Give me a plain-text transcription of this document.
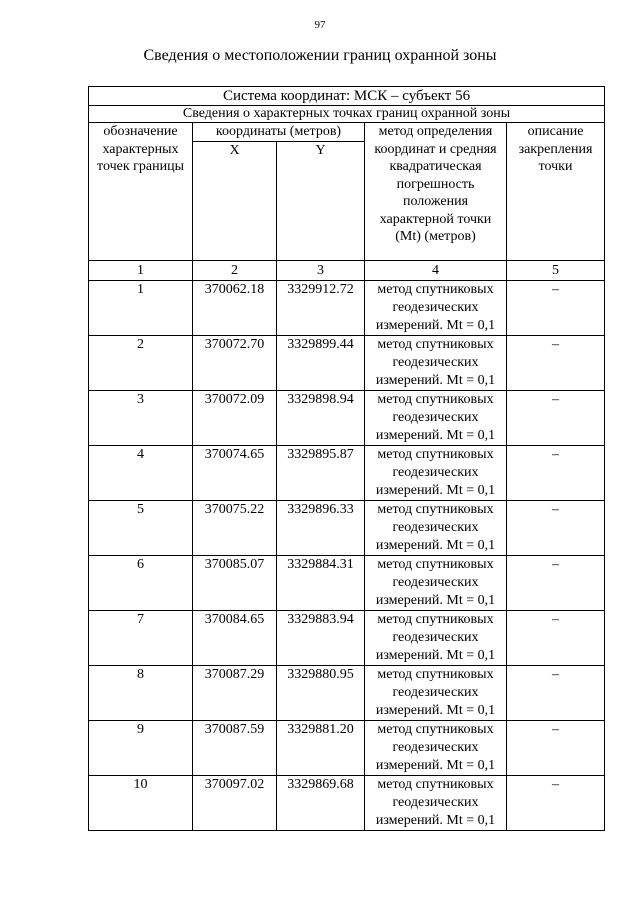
97
Сведения о местоположении границ охранной зоны
Система координат: МСК – субъект 56				
Сведения о характерных точках границ охранной зоны				
обозначение характерных точек границы	координаты (метров)		метод определения координат и средняя квадратическая погрешность положения характерной точки (Mt) (метров)	описание закрепления точки
	X	Y		
1	2	3	4	5
1	370062.18	3329912.72	метод спутниковых геодезических измерений. Mt = 0,1	–
2	370072.70	3329899.44	метод спутниковых геодезических измерений. Mt = 0,1	–
3	370072.09	3329898.94	метод спутниковых геодезических измерений. Mt = 0,1	–
4	370074.65	3329895.87	метод спутниковых геодезических измерений. Mt = 0,1	–
5	370075.22	3329896.33	метод спутниковых геодезических измерений. Mt = 0,1	–
6	370085.07	3329884.31	метод спутниковых геодезических измерений. Mt = 0,1	–
7	370084.65	3329883.94	метод спутниковых геодезических измерений. Mt = 0,1	–
8	370087.29	3329880.95	метод спутниковых геодезических измерений. Mt = 0,1	–
9	370087.59	3329881.20	метод спутниковых геодезических измерений. Mt = 0,1	–
10	370097.02	3329869.68	метод спутниковых геодезических измерений. Mt = 0,1	–
